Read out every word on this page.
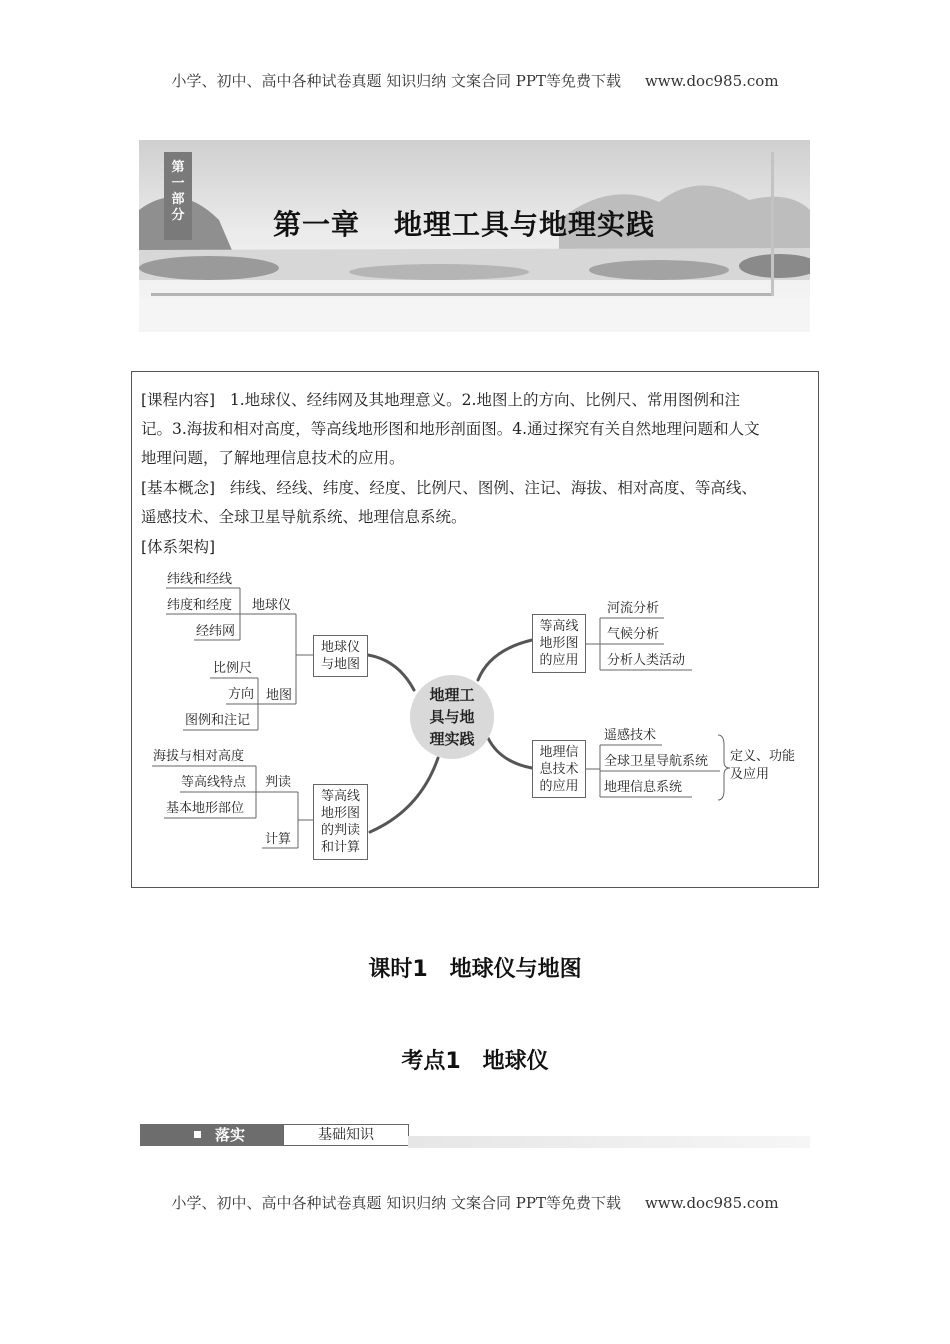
小学、初中、高中各种试卷真题 知识归纳 文案合同 PPT等免费下载 www.doc985.com
小学、初中、高中各种试卷真题 知识归纳 文案合同 PPT等免费下载 www.doc985.com
第
一
部
分	第一章 地理工具与地理实践
[课程内容] 1.地球仪、经纬网及其地理意义。2.地图上的方向、比例尺、常用图例和注
记。3.海拔和相对高度，等高线地形图和地形剖面图。4.通过探究有关自然地理问题和人文
地理问题，了解地理信息技术的应用。
[基本概念] 纬线、经线、纬度、经度、比例尺、图例、注记、海拔、相对高度、等高线、
遥感技术、全球卫星导航系统、地理信息系统。
[体系架构]
纬线和经线
纬度和经度
经纬网
地球仪
比例尺
方向
图例和注记
地图
地球仪
与地图
海拔与相对高度
等高线特点
基本地形部位
判读
计算
等高线
地形图
的判读
和计算
地理工
具与地
理实践
等高线
地形图
的应用
河流分析
气候分析
分析人类活动
地理信
息技术
的应用
遥感技术
全球卫星导航系统
地理信息系统
定义、功能
及应用
课时1 地球仪与地图
考点1 地球仪
落实	基础知识
